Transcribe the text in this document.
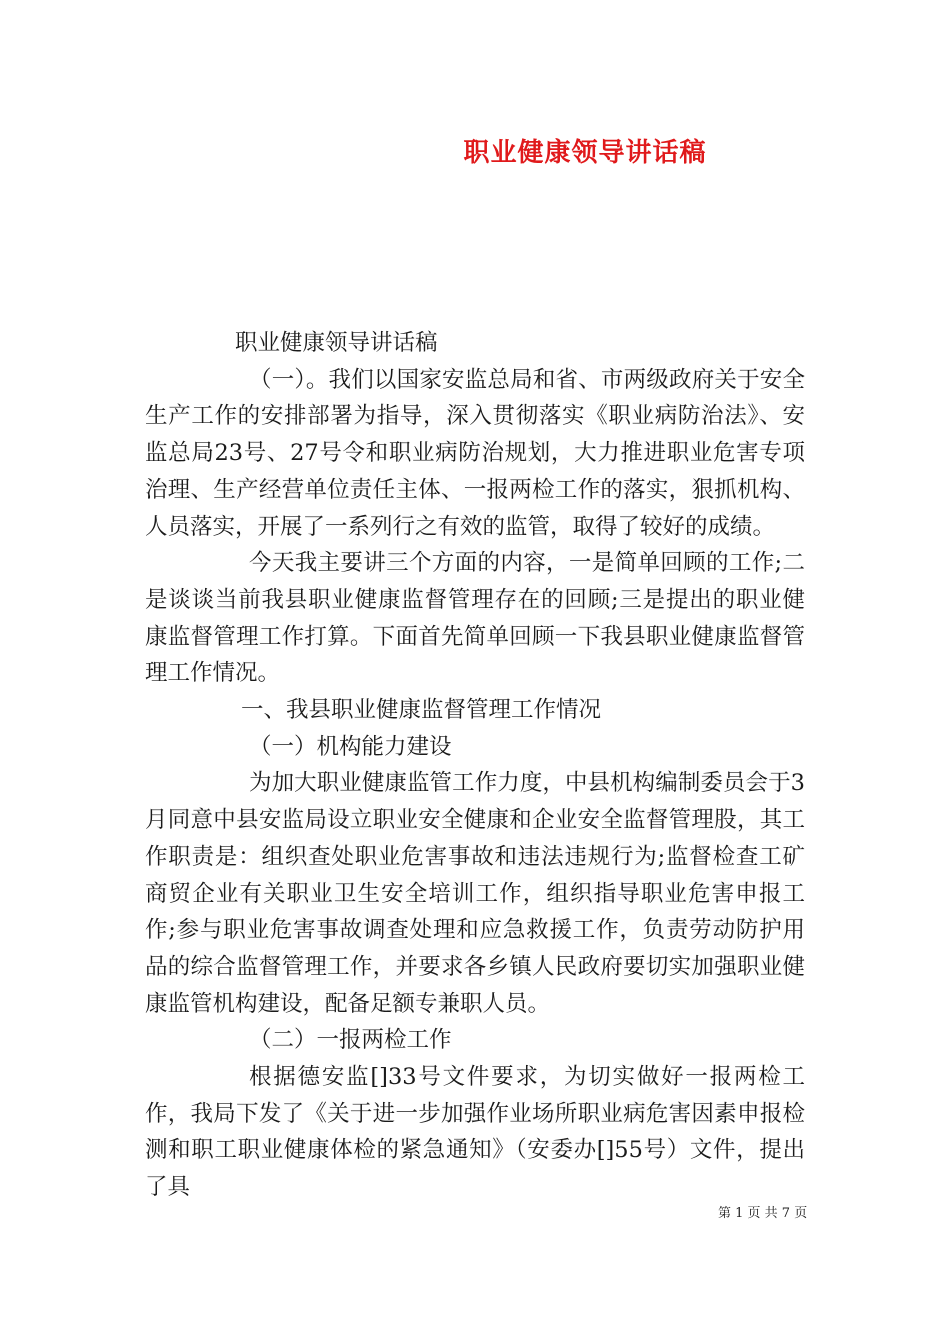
职业健康领导讲话稿

职业健康领导讲话稿

（一）。我们以国家安监总局和省、市两级政府关于安全生产工作的安排部署为指导，深入贯彻落实《职业病防治法》、安监总局23号、27号令和职业病防治规划，大力推进职业危害专项治理、生产经营单位责任主体、一报两检工作的落实，狠抓机构、人员落实，开展了一系列行之有效的监管，取得了较好的成绩。

今天我主要讲三个方面的内容，一是简单回顾的工作;二是谈谈当前我县职业健康监督管理存在的回顾;三是提出的职业健康监督管理工作打算。下面首先简单回顾一下我县职业健康监督管理工作情况。

一、我县职业健康监督管理工作情况

（一）机构能力建设

为加大职业健康监管工作力度，中县机构编制委员会于3月同意中县安监局设立职业安全健康和企业安全监督管理股，其工作职责是：组织查处职业危害事故和违法违规行为;监督检查工矿商贸企业有关职业卫生安全培训工作，组织指导职业危害申报工作;参与职业危害事故调查处理和应急救援工作，负责劳动防护用品的综合监督管理工作，并要求各乡镇人民政府要切实加强职业健康监管机构建设，配备足额专兼职人员。

（二）一报两检工作

根据德安监[]33号文件要求，为切实做好一报两检工作，我局下发了《关于进一步加强作业场所职业病危害因素申报检测和职工职业健康体检的紧急通知》（安委办[]55号）文件，提出了具

第 1 页 共 7 页
